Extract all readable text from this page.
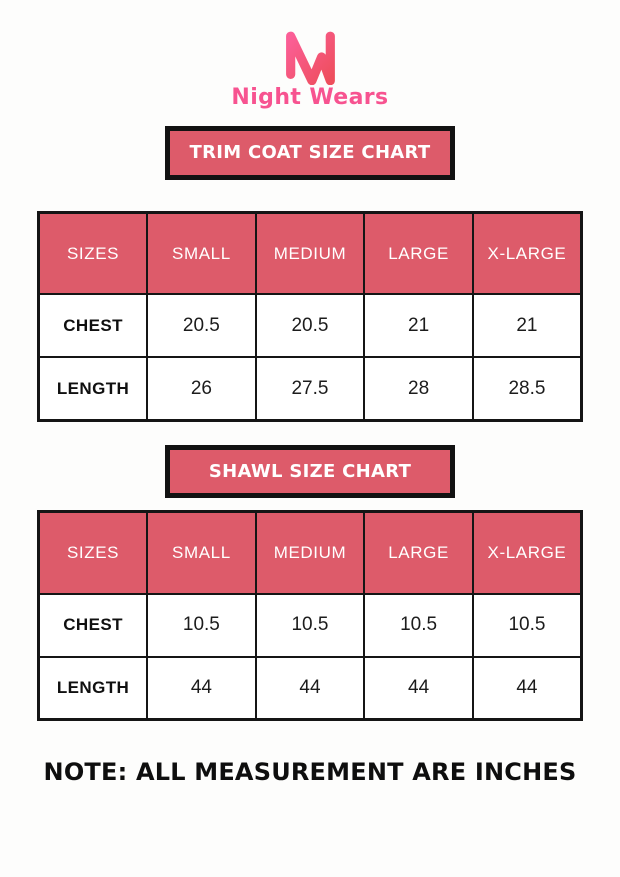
Night Wears
TRIM COAT SIZE CHART
SIZES	SMALL	MEDIUM	LARGE	X-LARGE
CHEST	20.5	20.5	21	21
LENGTH	26	27.5	28	28.5
SHAWL SIZE CHART
SIZES	SMALL	MEDIUM	LARGE	X-LARGE
CHEST	10.5	10.5	10.5	10.5
LENGTH	44	44	44	44
NOTE: ALL MEASUREMENT ARE INCHES
